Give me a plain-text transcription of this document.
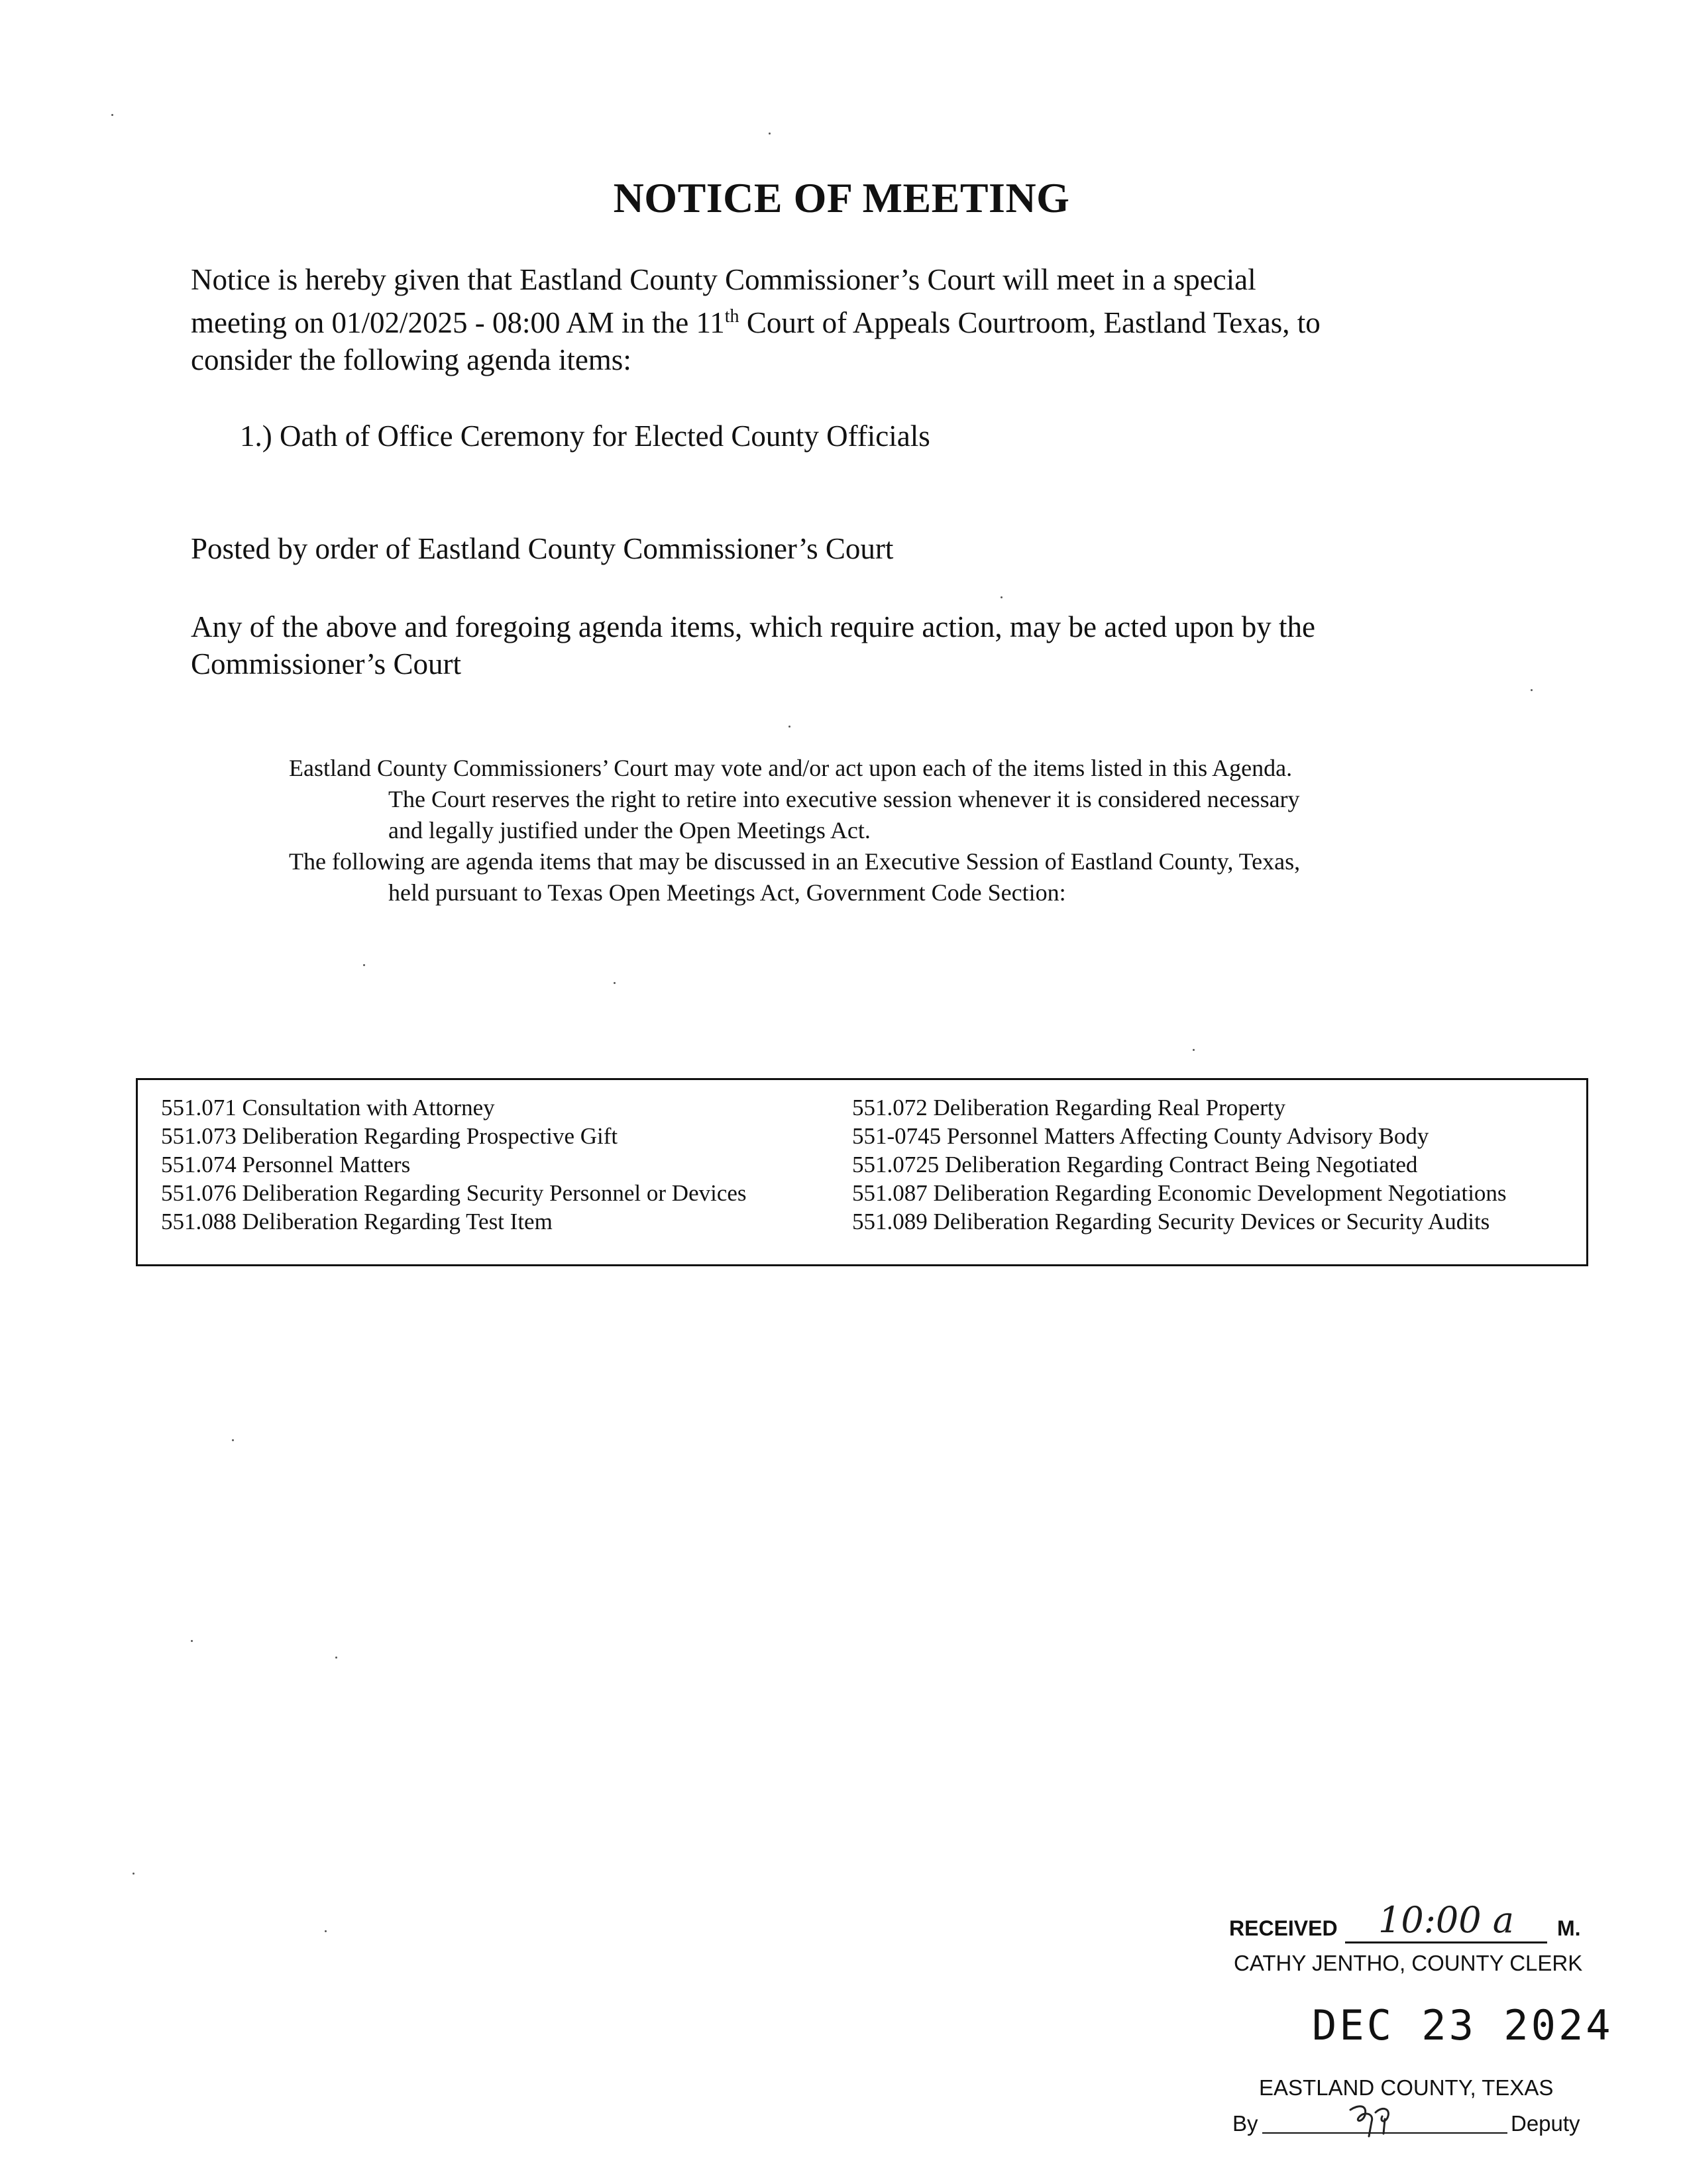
NOTICE OF MEETING
Notice is hereby given that Eastland County Commissioner’s Court will meet in a special
meeting on 01/02/2025 - 08:00 AM in the 11th Court of Appeals Courtroom, Eastland Texas, to
consider the following agenda items:
1.) Oath of Office Ceremony for Elected County Officials
Posted by order of Eastland County Commissioner’s Court
Any of the above and foregoing agenda items, which require action, may be acted upon by the
Commissioner’s Court
Eastland County Commissioners’ Court may vote and/or act upon each of the items listed in this Agenda.
The Court reserves the right to retire into executive session whenever it is considered necessary
and legally justified under the Open Meetings Act.
The following are agenda items that may be discussed in an Executive Session of Eastland County, Texas,
held pursuant to Texas Open Meetings Act, Government Code Section:
551.071 Consultation with Attorney
551.073 Deliberation Regarding Prospective Gift
551.074 Personnel Matters
551.076 Deliberation Regarding Security Personnel or Devices
551.088 Deliberation Regarding Test Item
551.072 Deliberation Regarding Real Property
551-0745 Personnel Matters Affecting County Advisory Body
551.0725 Deliberation Regarding Contract Being Negotiated
551.087 Deliberation Regarding Economic Development Negotiations
551.089 Deliberation Regarding Security Devices or Security Audits
RECEIVED 10:00 a M.
CATHY JENTHO, COUNTY CLERK
DEC 23 2024
EASTLAND COUNTY, TEXAS
By	Deputy
